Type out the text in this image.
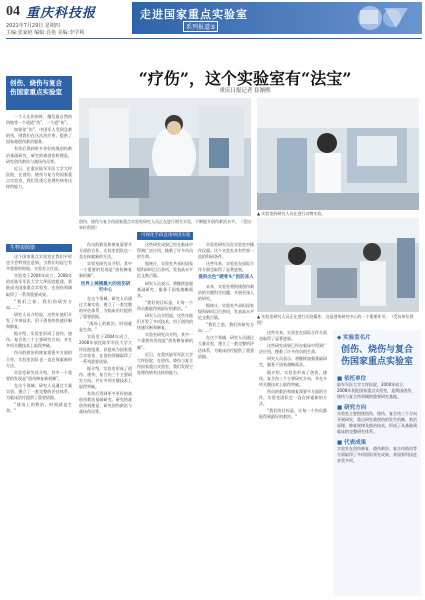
04 重庆科技报
2021年7月29日 星期四
主编:张家艳 编辑:肖艳 美编:李学利
走进国家重点实验室
系列报道⑤
“疗伤”，这个实验室有“法宝”
重庆日报记者 崔渐熙
创伤、烧伤与复合伤国家重点实验室

一个人在伤到时，爆发最自然的四肢等一个道道“伤”，一个道“伤”。

如果张“伤”，中国军人受到急救的伤，则我们在这次治疗用，提供了国家战创伤救治服务。

有伤后得到更多更好的战创伤救治基础研究，研究的战创伤机理是，研究创伤救治与战场伤员等。

近日，在重庆陆军军医大学大坪医院，在创伤、烧伤与复合伤国家重点实验室，我们发现它处理伤病有这样的能力。

生物裂隙器

这个国家重点实验室在我们平时也不会特别注意到。当我们问起它有多重要的时候，实验室主任说。

实验室于2004年成立，2008年依托陆军军医大学大坪医院组建，获批成为国家重点实验室，在创伤领域取得了一系列重要成果。

“我们之前，我们的研究方向……”

研究人员介绍说，这些年他们开发了多项技术，用于创伤的快速诊断和修复。

据介绍，实验室形成了创伤、烧伤、复合伤三个主要研究方向，并在多项关键技术上取得突破。

伤员的救治和康复需要多方面的合作，实验室团队也一直在探索新的方法。

实验室研究员介绍，其中一个重要的发现是“创伤修复新机制”。

在这个领域，研究人员通过大量实验，建立了一套完整的评估体系，为临床治疗提供了重要依据。

“战场上的救治，时间就是生命。”

创伤、烧伤与复合伤国家重点实验室研究人员正在进行相关实验，不断提升创伤救治水平。（受访单位供图）
▲ 实验室的研究人员在进行动物实验。
▲ 实验室研究人员正在进行实验操作，这是创伤研究中心的一个重要环节。（受访单位供图）

伤员的救治和康复需要多方面的合作，实验室团队也一直在探索新的方法。

实验室研究员介绍，其中一个重要的发现是“创伤修复新机制”。

世界上规模最大的创伤研究中心

在这个领域，研究人员通过大量实验，建立了一套完整的评估体系，为临床治疗提供了重要依据。

“战场上的救治，时间就是生命。”

实验室于2004年成立，2008年依托陆军军医大学大坪医院组建，获批成为国家重点实验室，在创伤领域取得了一系列重要成果。

据介绍，实验室形成了创伤、烧伤、复合伤三个主要研究方向，并在多项关键技术上取得突破。

有伤后得到更多更好的战创伤救治基础研究，研究的战创伤机理是，研究创伤救治与战场伤员等。

这些研究成果已经在临床中得到广泛应用，挽救了许多伤员的生命。

据统计，实验室共承担国家级科研项目百余项，发表高水平论文数百篇。

研究人员表示，将继续加强基础研究，服务于国家战略需求。

“我们的目标是，让每一个伤员都能得到最好的救治。”

研究人员介绍说，这些年他们开发了多项技术，用于创伤的快速诊断和修复。

实验室研究员介绍，其中一个重要的发现是“创伤修复新机制”。

近日，在重庆陆军军医大学大坪医院，在创伤、烧伤与复合伤国家重点实验室，我们发现它处理伤病有这样的能力。

实验室研究员在实验室中操作仪器。这个实验室具有世界一流的科研条件。

这些年来，实验室在国际合作方面也取得了显著进展。

提供出色“硬骨头”的防冻人

未来，实验室将围绕创伤救治的关键科学问题，开展更深入的研究。

据统计，实验室共承担国家级科研项目百余项，发表高水平论文数百篇。

“我们之前，我们的研究方向……”

在这个领域，研究人员通过大量实验，建立了一套完整的评估体系，为临床治疗提供了重要依据。

这些年来，实验室在国际合作方面也取得了显著进展。

这些研究成果已经在临床中得到广泛应用，挽救了许多伤员的生命。

研究人员表示，将继续加强基础研究，服务于国家战略需求。

据介绍，实验室形成了创伤、烧伤、复合伤三个主要研究方向，并在多项关键技术上取得突破。

伤员的救治和康复需要多方面的合作，实验室团队也一直在探索新的方法。

“我们的目标是，让每一个伤员都能得到最好的救治。”

◆ 实验室名片
创伤、烧伤与复合伤国家重点实验室
■ 依托单位
陆军军医大学大坪医院，2004年成立，2008年获批国家重点实验室，是我国创伤、烧伤与复合伤领域的重要研究基地。
■ 研究方向
实验室主要围绕创伤、烧伤、复合伤三个方向开展研究，重点研究战创伤的发生机制、救治原理、修复规律及防治技术，形成了从基础到临床的完整研究体系。
■ 代表成果
实验室在创伤修复、烧伤救治、复合伤防治等方面取得了多项国际领先成果，获国家科技进步奖多项。
可视化手段直指病因实验室
